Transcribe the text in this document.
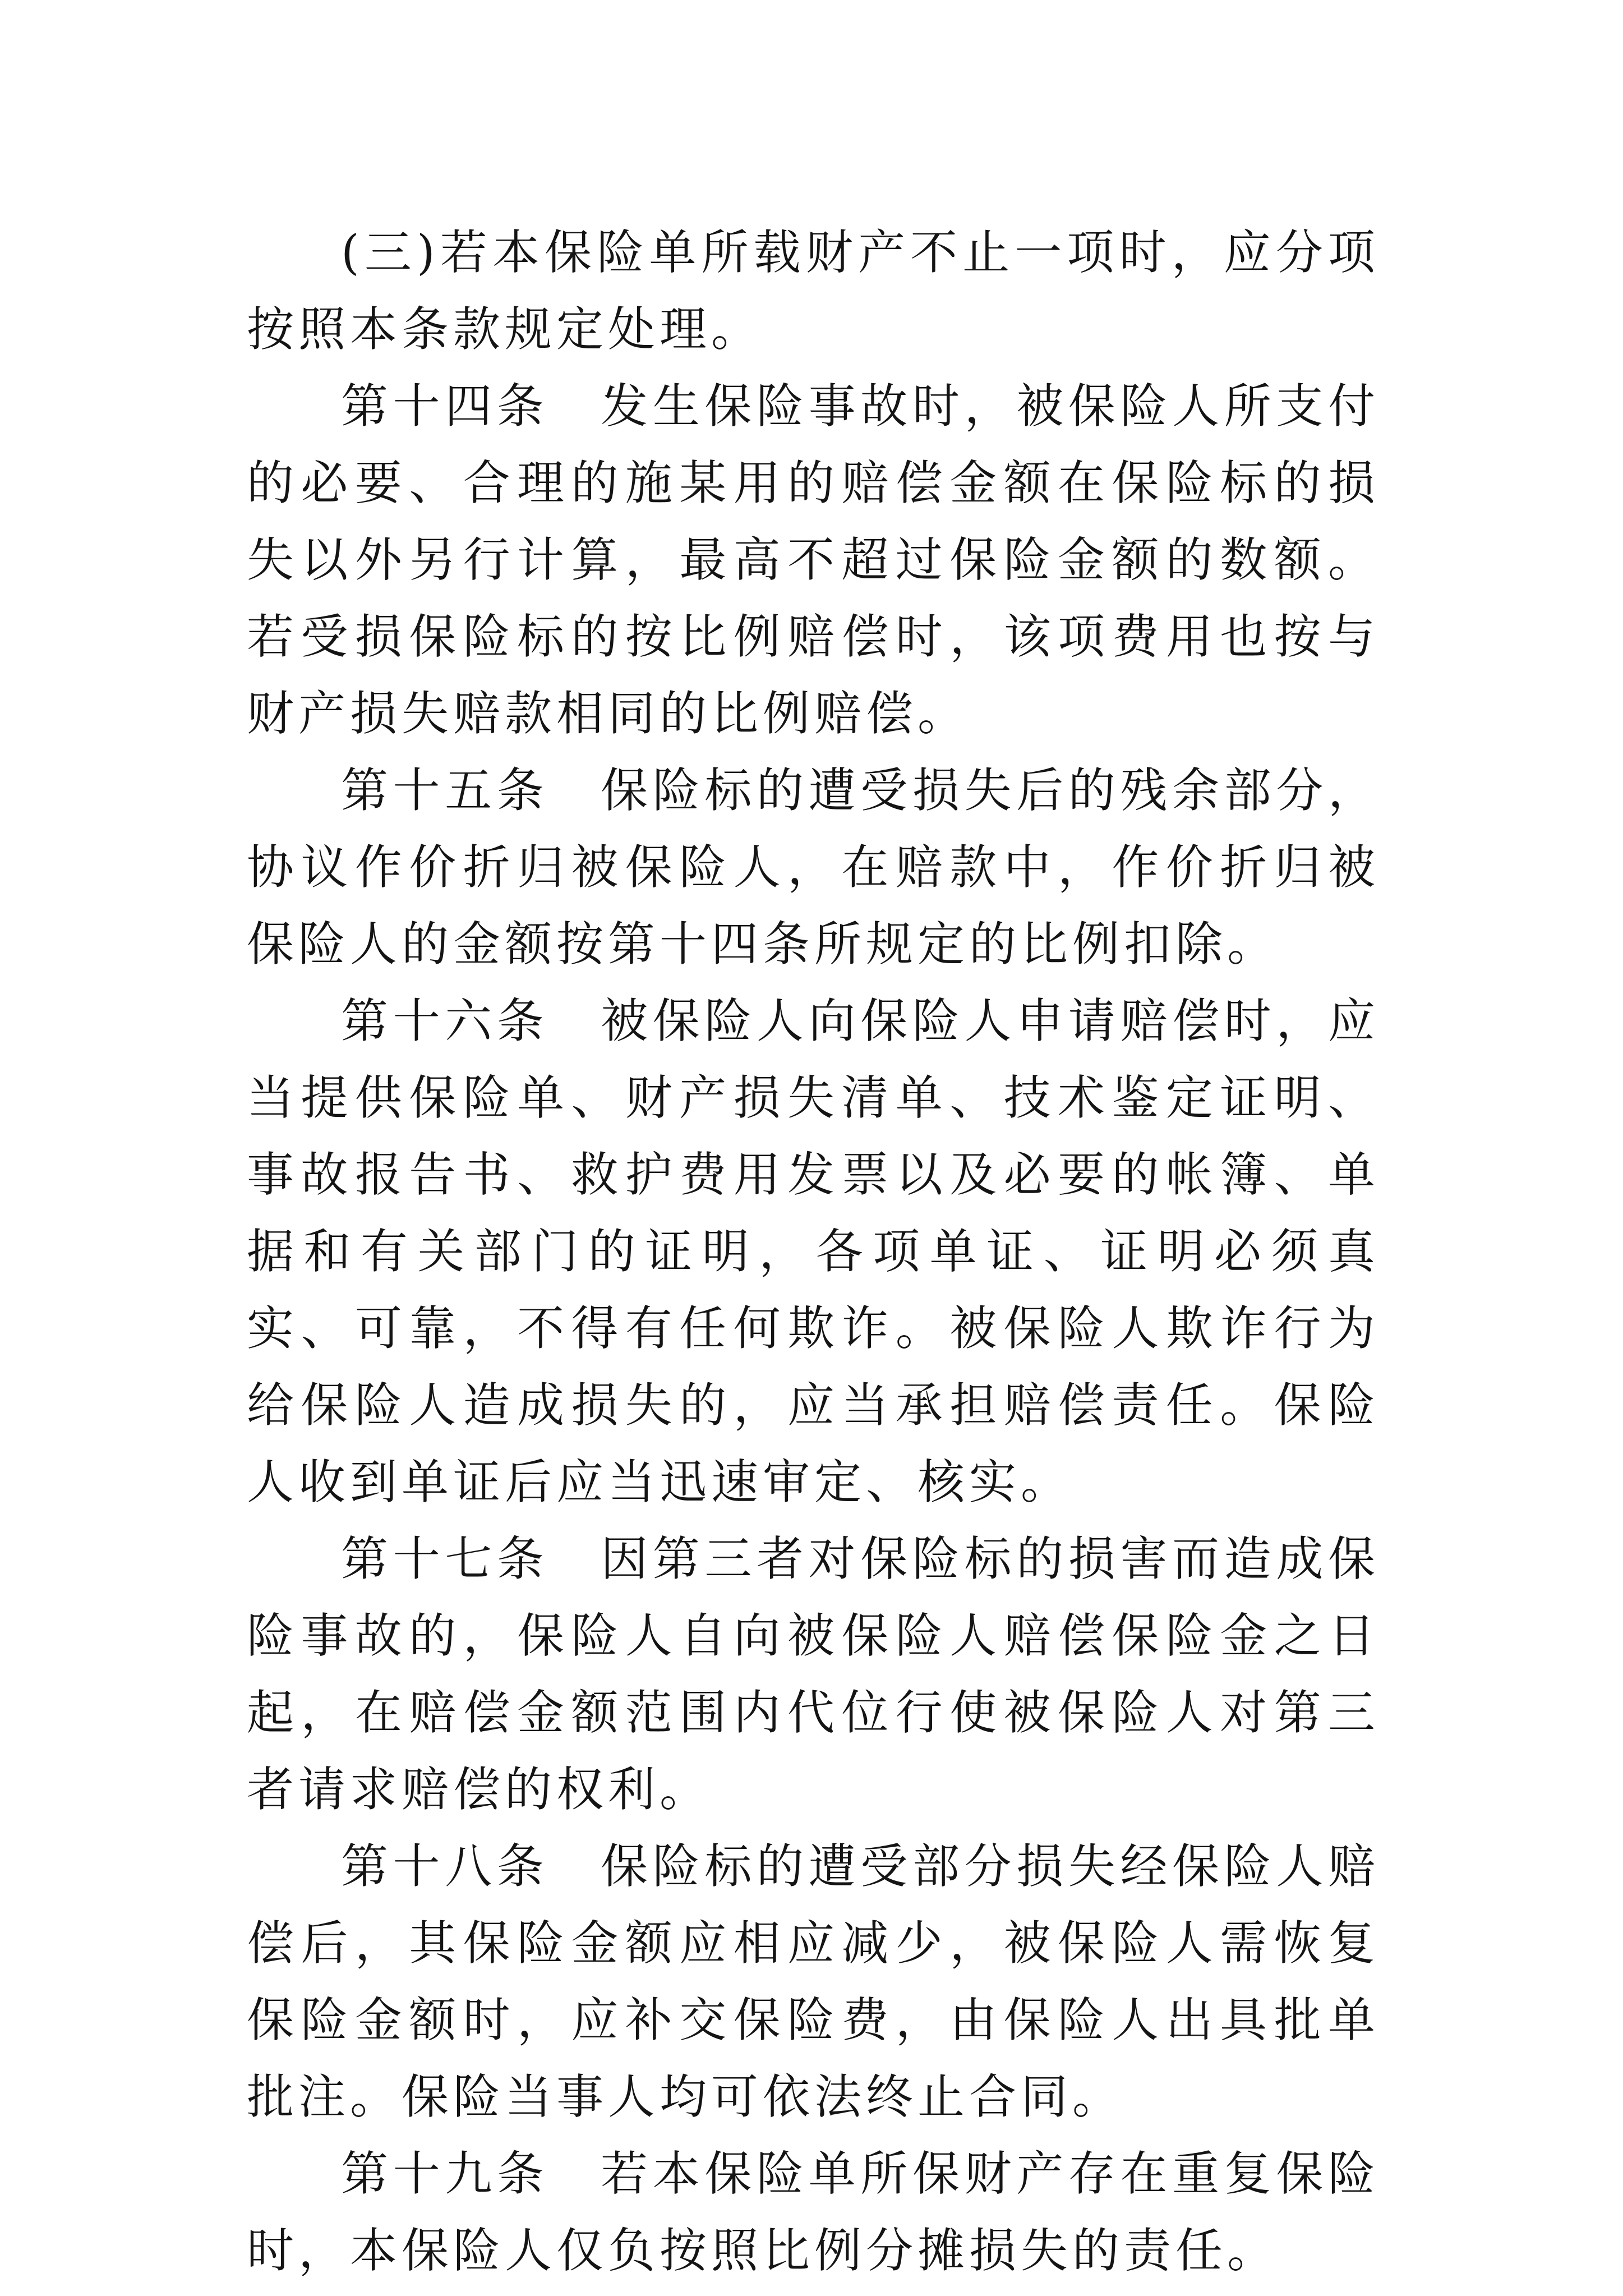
(三)若本保险单所载财产不止一项时，应分项按照本条款规定处理。

第十四条　发生保险事故时，被保险人所支付的必要、合理的施某用的赔偿金额在保险标的损失以外另行计算，最高不超过保险金额的数额。若受损保险标的按比例赔偿时，该项费用也按与财产损失赔款相同的比例赔偿。

第十五条　保险标的遭受损失后的残余部分，协议作价折归被保险人，在赔款中，作价折归被保险人的金额按第十四条所规定的比例扣除。

第十六条　被保险人向保险人申请赔偿时，应当提供保险单、财产损失清单、技术鉴定证明、事故报告书、救护费用发票以及必要的帐簿、单据和有关部门的证明，各项单证、证明必须真实、可靠，不得有任何欺诈。被保险人欺诈行为给保险人造成损失的，应当承担赔偿责任。保险人收到单证后应当迅速审定、核实。

第十七条　因第三者对保险标的损害而造成保险事故的，保险人自向被保险人赔偿保险金之日起，在赔偿金额范围内代位行使被保险人对第三者请求赔偿的权利。

第十八条　保险标的遭受部分损失经保险人赔偿后，其保险金额应相应减少，被保险人需恢复保险金额时，应补交保险费，由保险人出具批单批注。保险当事人均可依法终止合同。

第十九条　若本保险单所保财产存在重复保险时，本保险人仅负按照比例分摊损失的责任。
